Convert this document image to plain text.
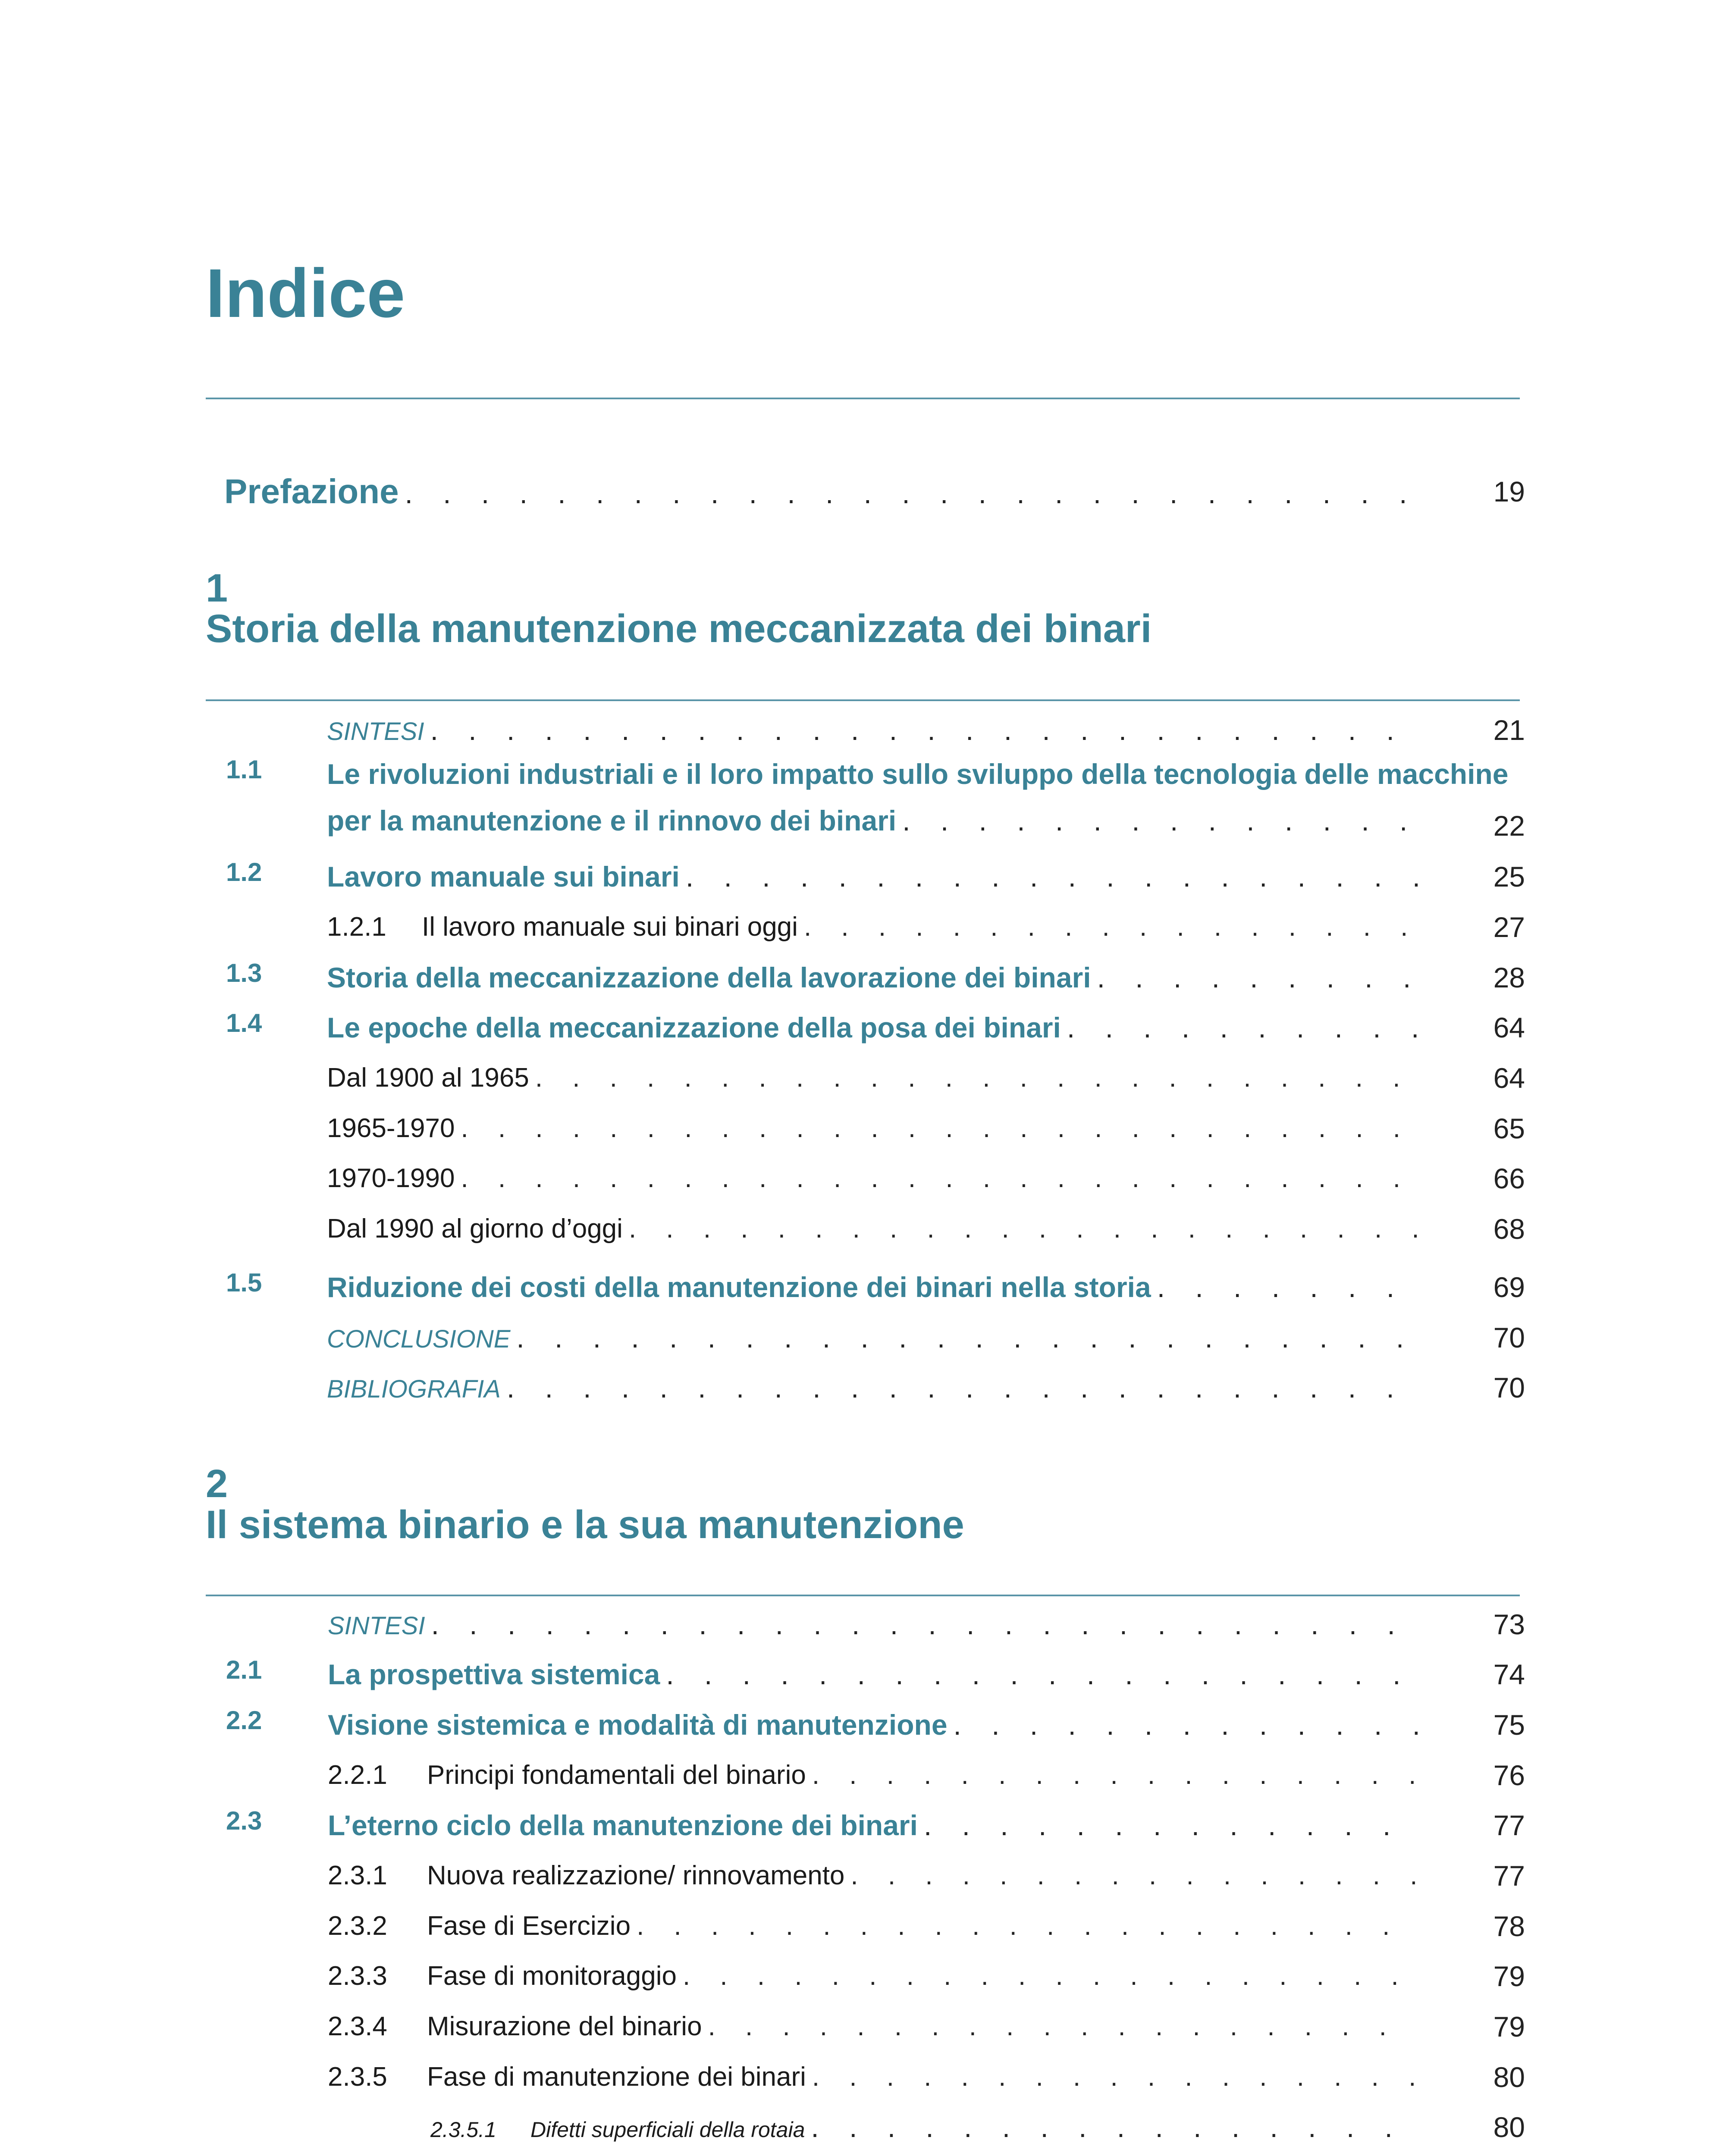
Indice
Prefazione . . .	19
1
Storia della manutenzione meccanizzata dei binari
SINTESI . . .	21
1.1 Le rivoluzioni industriali e il loro impatto sullo sviluppo della tecnologia delle macchine
per la manutenzione e il rinnovo dei binari . . .	22
1.2 Lavoro manuale sui binari . . .	25
1.2.1	Il lavoro manuale sui binari oggi . . .	27
1.3 Storia della meccanizzazione della lavorazione dei binari . . .	28
1.4 Le epoche della meccanizzazione della posa dei binari . . .	64
Dal 1900 al 1965 . . .	64
1965-1970 . . .	65
1970-1990 . . .	66
Dal 1990 al giorno d’oggi . . .	68
1.5 Riduzione dei costi della manutenzione dei binari nella storia . . .	69
CONCLUSIONE . . .	70
BIBLIOGRAFIA . . .	70
2
Il sistema binario e la sua manutenzione
SINTESI . . .	73
2.1 La prospettiva sistemica . . .	74
2.2 Visione sistemica e modalità di manutenzione . . .	75
2.2.1	Principi fondamentali del binario . . .	76
2.3 L’eterno ciclo della manutenzione dei binari . . .	77
2.3.1	Nuova realizzazione/ rinnovamento . . .	77
2.3.2	Fase di Esercizio . . .	78
2.3.3	Fase di monitoraggio . . .	79
2.3.4	Misurazione del binario . . .	79
2.3.5	Fase di manutenzione dei binari . . .	80
2.3.5.1	Difetti superficiali della rotaia . . .	80
